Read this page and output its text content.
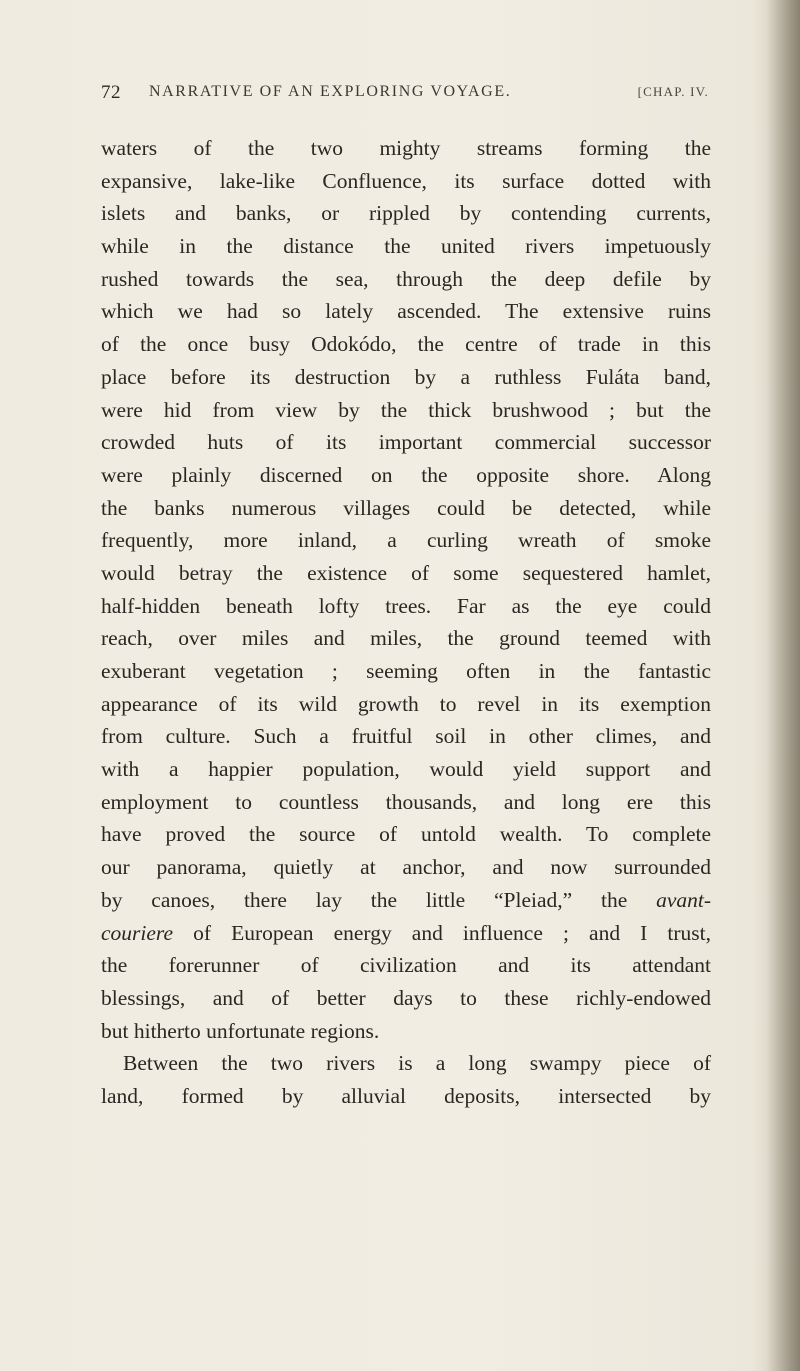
72 NARRATIVE OF AN EXPLORING VOYAGE.	[CHAP. IV.
waters of the two mighty streams forming the
expansive, lake-like Confluence, its surface dotted with
islets and banks, or rippled by contending currents,
while in the distance the united rivers impetuously
rushed towards the sea, through the deep defile by
which we had so lately ascended. The extensive ruins
of the once busy Odokódo, the centre of trade in this
place before its destruction by a ruthless Fuláta band,
were hid from view by the thick brushwood ; but the
crowded huts of its important commercial successor
were plainly discerned on the opposite shore. Along
the banks numerous villages could be detected, while
frequently, more inland, a curling wreath of smoke
would betray the existence of some sequestered hamlet,
half-hidden beneath lofty trees. Far as the eye could
reach, over miles and miles, the ground teemed with
exuberant vegetation ; seeming often in the fantastic
appearance of its wild growth to revel in its exemption
from culture. Such a fruitful soil in other climes, and
with a happier population, would yield support and
employment to countless thousands, and long ere this
have proved the source of untold wealth. To complete
our panorama, quietly at anchor, and now surrounded
by canoes, there lay the little “Pleiad,” the avant-
couriere of European energy and influence ; and I trust,
the forerunner of civilization and its attendant
blessings, and of better days to these richly-endowed
but hitherto unfortunate regions.
Between the two rivers is a long swampy piece of
land, formed by alluvial deposits, intersected by
